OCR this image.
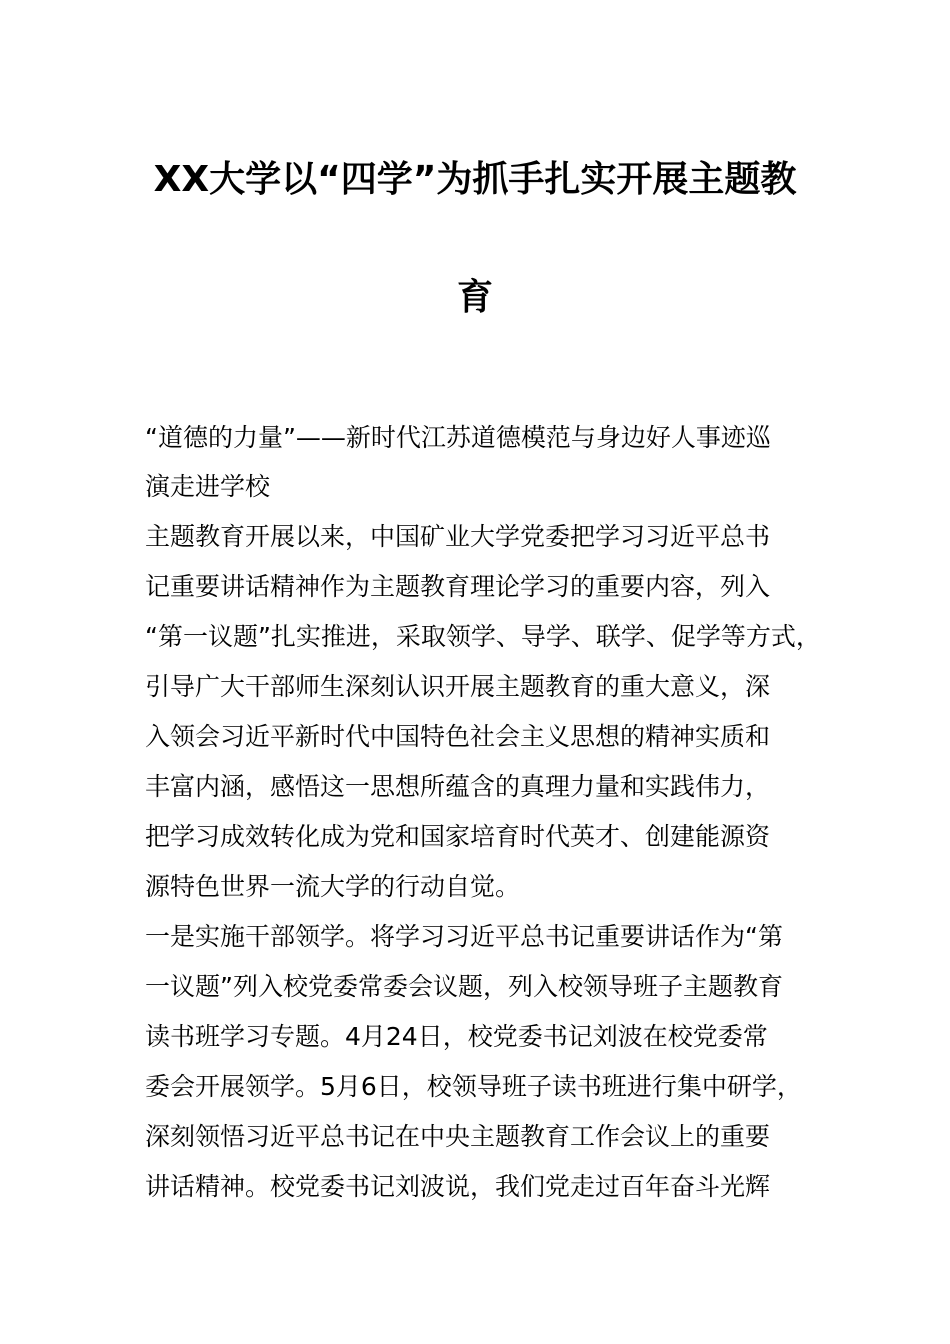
XX大学以“四学”为抓手扎实开展主题教
育
“道德的力量”——新时代江苏道德模范与身边好人事迹巡
演走进学校
主题教育开展以来，中国矿业大学党委把学习习近平总书
记重要讲话精神作为主题教育理论学习的重要内容，列入
“第一议题”扎实推进，采取领学、导学、联学、促学等方式，
引导广大干部师生深刻认识开展主题教育的重大意义，深
入领会习近平新时代中国特色社会主义思想的精神实质和
丰富内涵，感悟这一思想所蕴含的真理力量和实践伟力，
把学习成效转化成为党和国家培育时代英才、创建能源资
源特色世界一流大学的行动自觉。
一是实施干部领学。将学习习近平总书记重要讲话作为“第
一议题”列入校党委常委会议题，列入校领导班子主题教育
读书班学习专题。4月24日，校党委书记刘波在校党委常
委会开展领学。5月6日，校领导班子读书班进行集中研学，
深刻领悟习近平总书记在中央主题教育工作会议上的重要
讲话精神。校党委书记刘波说，我们党走过百年奋斗光辉
